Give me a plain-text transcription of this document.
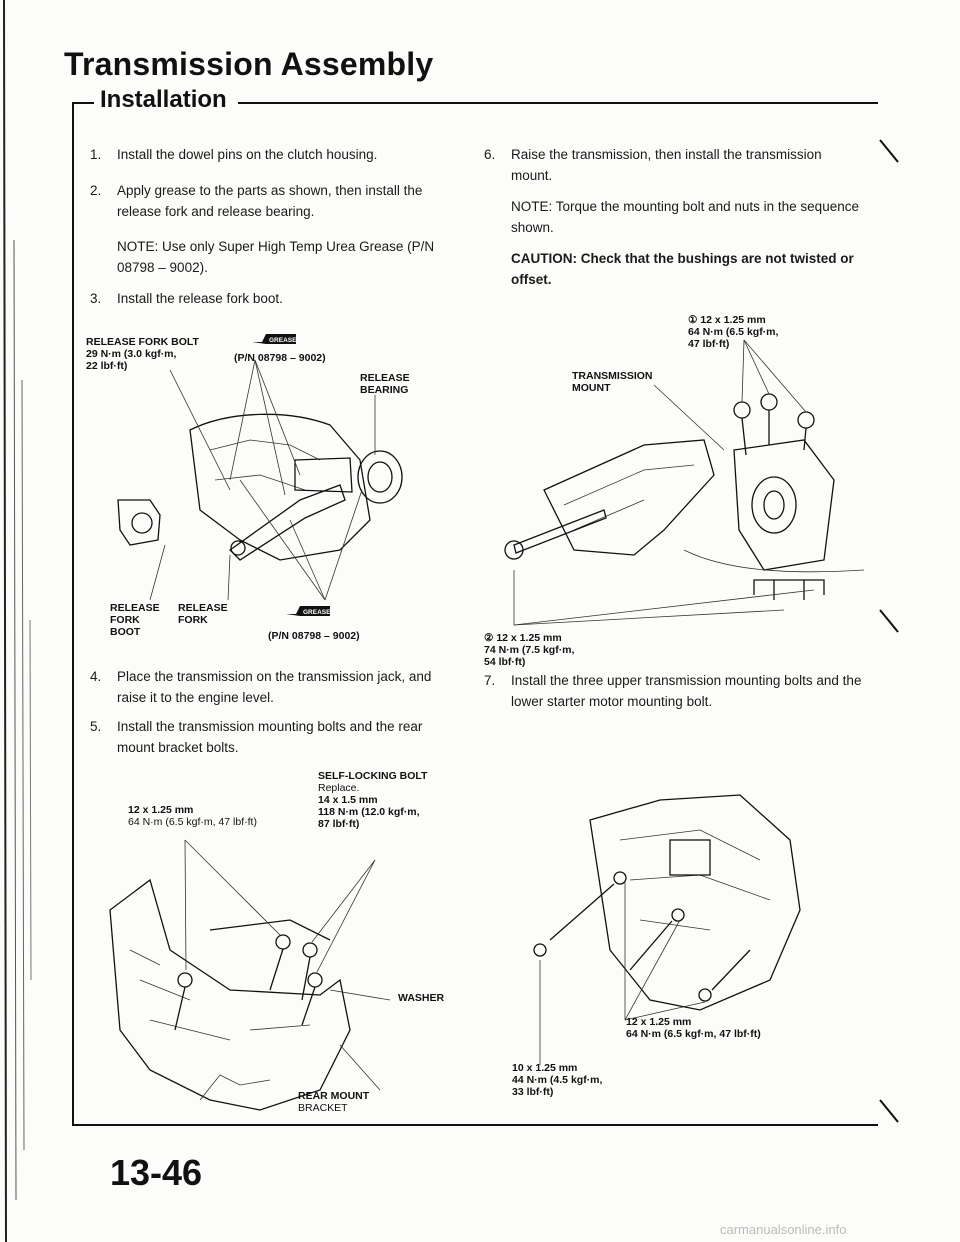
Transmission Assembly
Installation
1. Install the dowel pins on the clutch housing.

2. Apply grease to the parts as shown, then install the release fork and release bearing.

NOTE: Use only Super High Temp Urea Grease (P/N 08798 – 9002).

3. Install the release fork boot.

RELEASE FORK BOLT
29 N·m (3.0 kgf·m,
22 lbf·ft)
GREASE
(P/N 08798 – 9002)
RELEASE
BEARING
RELEASE
FORK
BOOT
RELEASE
FORK
GREASE
(P/N 08798 – 9002)
4. Place the transmission on the transmission jack, and raise it to the engine level.

5. Install the transmission mounting bolts and the rear mount bracket bolts.

12 x 1.25 mm
64 N·m (6.5 kgf·m, 47 lbf·ft)
SELF-LOCKING BOLT
Replace.
14 x 1.5 mm
118 N·m (12.0 kgf·m,
87 lbf·ft)
WASHER
REAR MOUNT
BRACKET
6. Raise the transmission, then install the transmission mount.

NOTE: Torque the mounting bolt and nuts in the sequence shown.

CAUTION: Check that the bushings are not twisted or offset.

① 12 x 1.25 mm
64 N·m (6.5 kgf·m,
47 lbf·ft)
TRANSMISSION
MOUNT
② 12 x 1.25 mm
74 N·m (7.5 kgf·m,
54 lbf·ft)
7. Install the three upper transmission mounting bolts and the lower starter motor mounting bolt.

12 x 1.25 mm
64 N·m (6.5 kgf·m, 47 lbf·ft)
10 x 1.25 mm
44 N·m (4.5 kgf·m,
33 lbf·ft)
13-46
carmanualsonline.info
